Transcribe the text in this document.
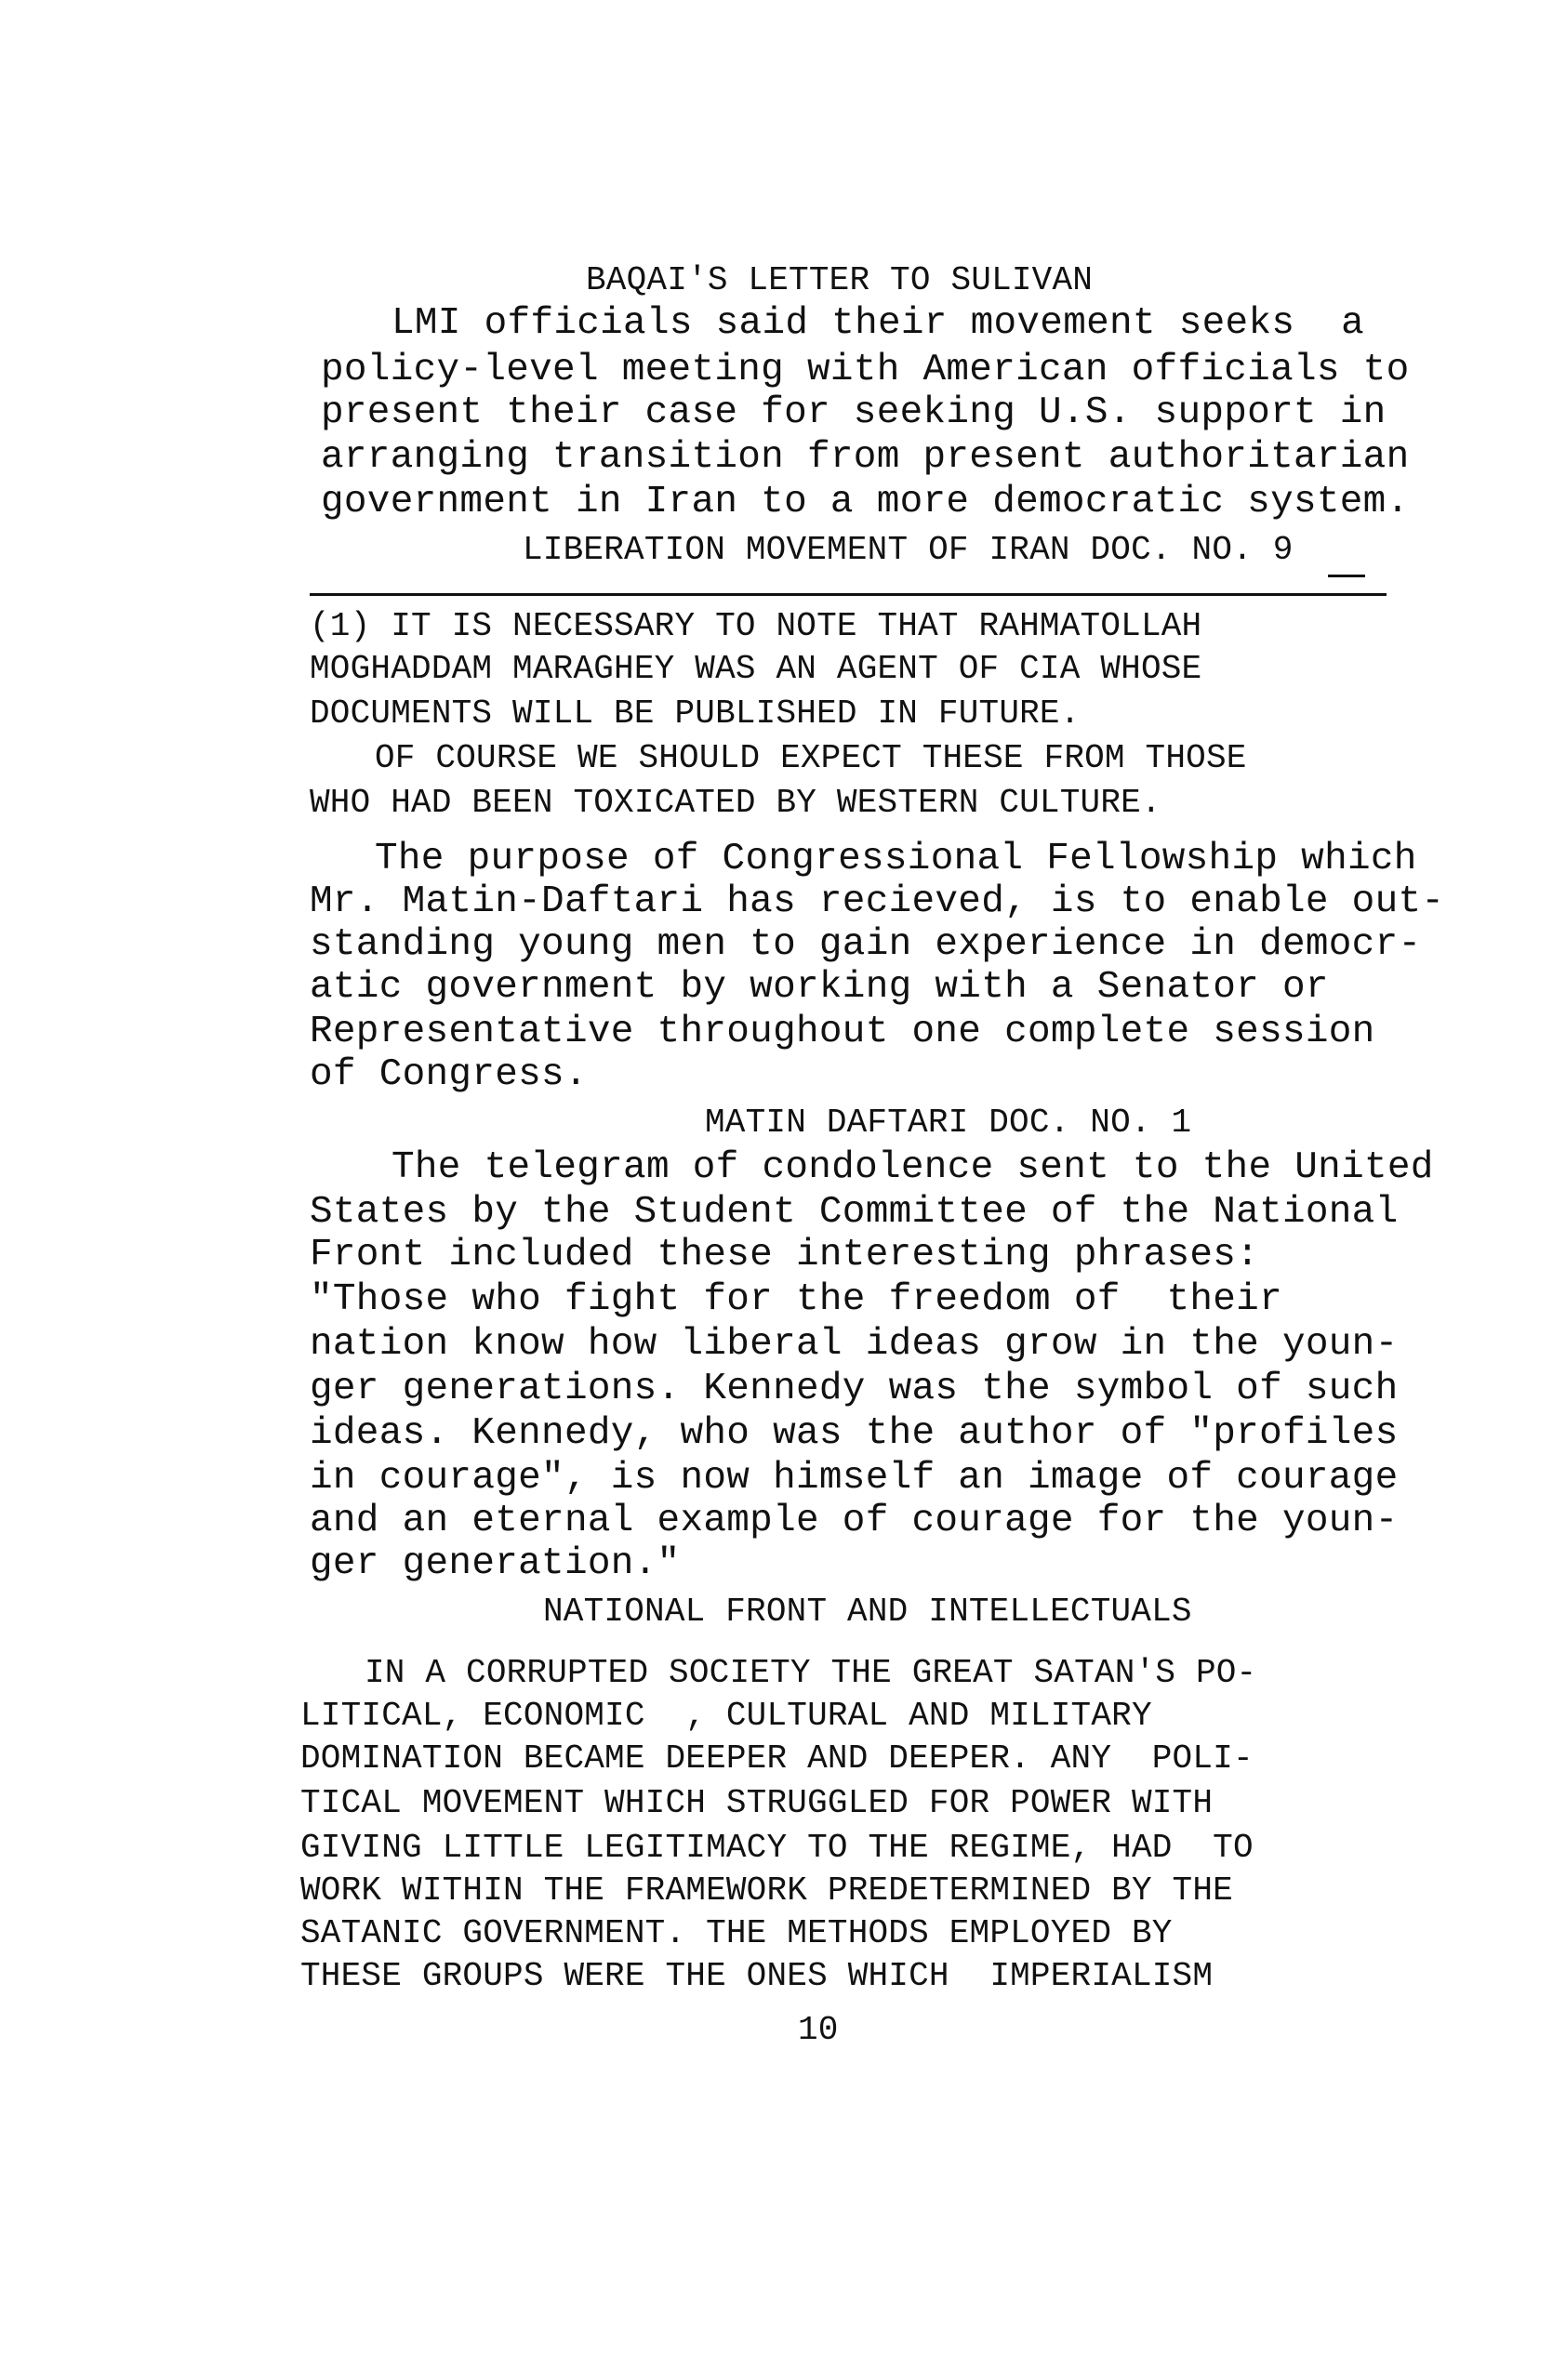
BAQAI'S LETTER TO SULIVAN
LMI officials said their movement seeks  a
policy-level meeting with American officials to
present their case for seeking U.S. support in
arranging transition from present authoritarian
government in Iran to a more democratic system.
LIBERATION MOVEMENT OF IRAN DOC. NO. 9
(1) IT IS NECESSARY TO NOTE THAT RAHMATOLLAH
MOGHADDAM MARAGHEY WAS AN AGENT OF CIA WHOSE
DOCUMENTS WILL BE PUBLISHED IN FUTURE.
OF COURSE WE SHOULD EXPECT THESE FROM THOSE
WHO HAD BEEN TOXICATED BY WESTERN CULTURE.
The purpose of Congressional Fellowship which
Mr. Matin-Daftari has recieved, is to enable out-
standing young men to gain experience in democr-
atic government by working with a Senator or
Representative throughout one complete session
of Congress.
MATIN DAFTARI DOC. NO. 1
The telegram of condolence sent to the United
States by the Student Committee of the National
Front included these interesting phrases:
"Those who fight for the freedom of  their
nation know how liberal ideas grow in the youn-
ger generations. Kennedy was the symbol of such
ideas. Kennedy, who was the author of "profiles
in courage", is now himself an image of courage
and an eternal example of courage for the youn-
ger generation."
NATIONAL FRONT AND INTELLECTUALS
IN A CORRUPTED SOCIETY THE GREAT SATAN'S PO-
LITICAL, ECONOMIC  , CULTURAL AND MILITARY
DOMINATION BECAME DEEPER AND DEEPER. ANY  POLI-
TICAL MOVEMENT WHICH STRUGGLED FOR POWER WITH
GIVING LITTLE LEGITIMACY TO THE REGIME, HAD  TO
WORK WITHIN THE FRAMEWORK PREDETERMINED BY THE
SATANIC GOVERNMENT. THE METHODS EMPLOYED BY
THESE GROUPS WERE THE ONES WHICH  IMPERIALISM
10
